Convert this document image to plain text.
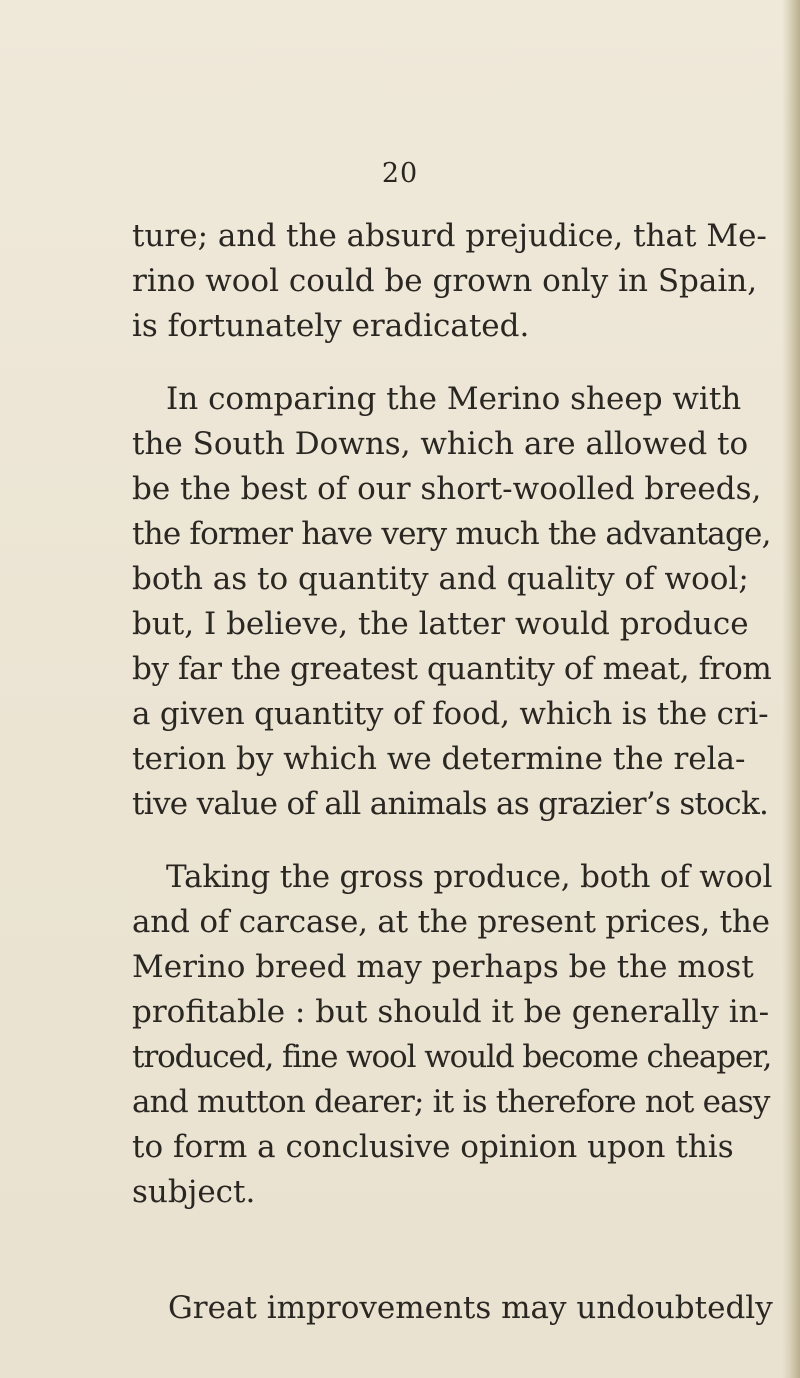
20

ture; and the absurd prejudice, that Me-
rino wool could be grown only in Spain,
is fortunately eradicated.

In comparing the Merino sheep with
the South Downs, which are allowed to
be the best of our short-woolled breeds,
the former have very much the advantage,
both as to quantity and quality of wool;
but, I believe, the latter would produce
by far the greatest quantity of meat, from
a given quantity of food, which is the cri-
terion by which we determine the rela-
tive value of all animals as grazier’s stock.

Taking the gross produce, both of wool
and of carcase, at the present prices, the
Merino breed may perhaps be the most
profitable : but should it be generally in-
troduced, fine wool would become cheaper,
and mutton dearer; it is therefore not easy
to form a conclusive opinion upon this
subject.

Great improvements may undoubtedly
